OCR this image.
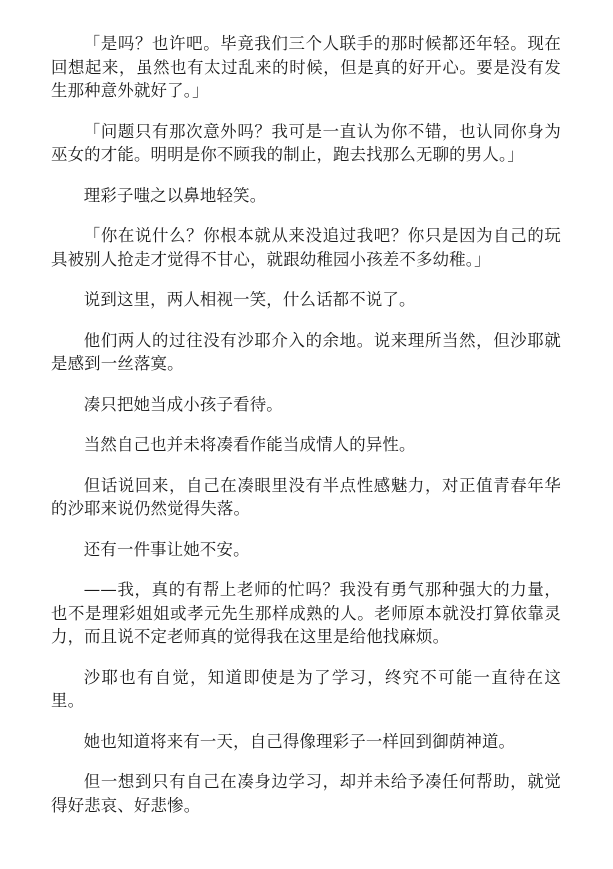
「是吗？也许吧。毕竟我们三个人联手的那时候都还年轻。现在回想起来，虽然也有太过乱来的时候，但是真的好开心。要是没有发生那种意外就好了。」

「问题只有那次意外吗？我可是一直认为你不错，也认同你身为巫女的才能。明明是你不顾我的制止，跑去找那么无聊的男人。」

理彩子嗤之以鼻地轻笑。

「你在说什么？你根本就从来没追过我吧？你只是因为自己的玩具被别人抢走才觉得不甘心，就跟幼稚园小孩差不多幼稚。」

说到这里，两人相视一笑，什么话都不说了。

他们两人的过往没有沙耶介入的余地。说来理所当然，但沙耶就是感到一丝落寞。

凑只把她当成小孩子看待。

当然自己也并未将凑看作能当成情人的异性。

但话说回来，自己在凑眼里没有半点性感魅力，对正值青春年华的沙耶来说仍然觉得失落。

还有一件事让她不安。

——我，真的有帮上老师的忙吗？我没有勇气那种强大的力量，也不是理彩姐姐或孝元先生那样成熟的人。老师原本就没打算依靠灵力，而且说不定老师真的觉得我在这里是给他找麻烦。

沙耶也有自觉，知道即使是为了学习，终究不可能一直待在这里。

她也知道将来有一天，自己得像理彩子一样回到御荫神道。

但一想到只有自己在凑身边学习，却并未给予凑任何帮助，就觉得好悲哀、好悲惨。
